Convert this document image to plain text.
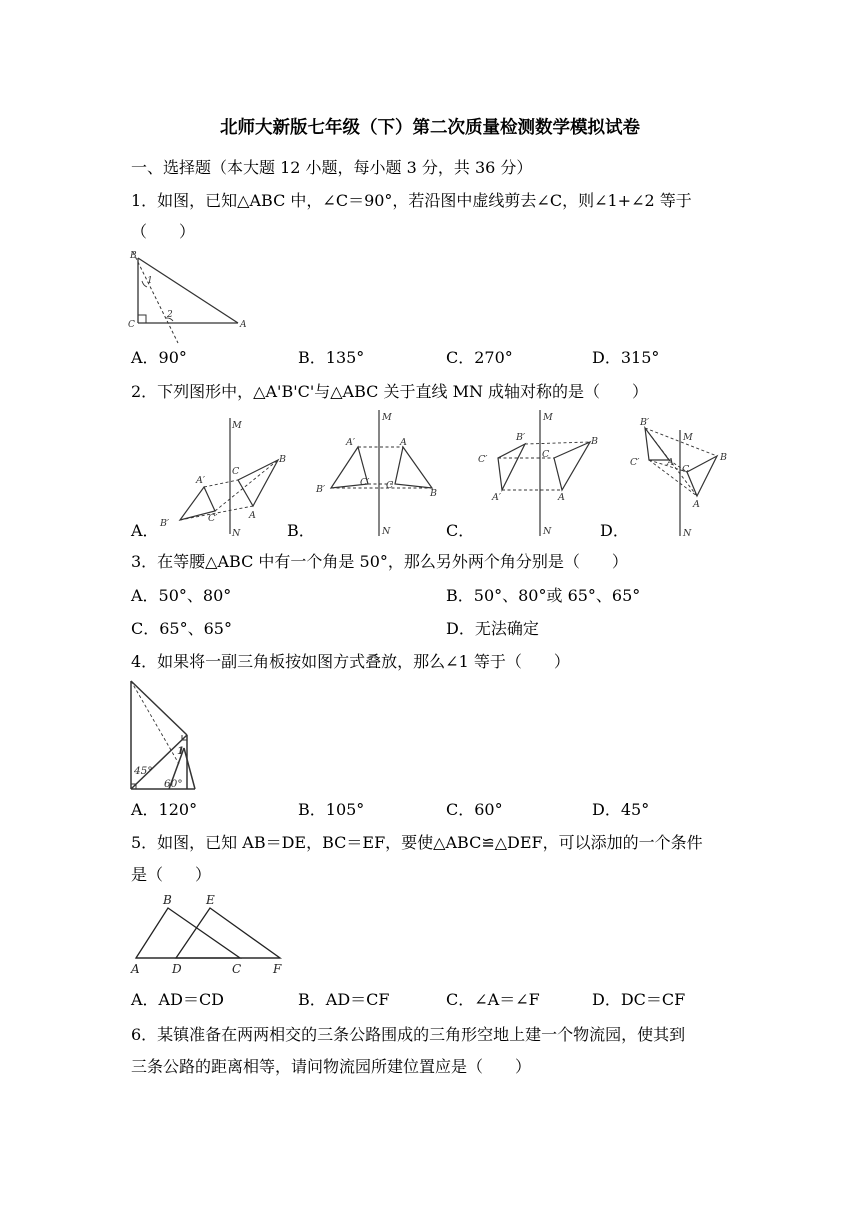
北师大新版七年级（下）第二次质量检测数学模拟试卷
一、选择题（本大题 12 小题，每小题 3 分，共 36 分）
1．如图，已知△ABC 中，∠C＝90°，若沿图中虚线剪去∠C，则∠1+∠2 等于
（　　）
B
C	A
1
2
A．90°	B．135°	C．270°	D．315°
2．下列图形中，△A'B'C'与△ABC 关于直线 MN 成轴对称的是（　　）
M
N
C
B
A
A′
C′
B′
A．
M
N
A′	A
C′ C
B′	B
B．
M
N
B′	B
C′	C
A′	A
C．
M
N
B′
C′	A
C
B
A
D．
3．在等腰△ABC 中有一个角是 50°，那么另外两个角分别是（　　）
A．50°、80°	B．50°、80°或 65°、65°
C．65°、65°	D．无法确定
4．如果将一副三角板按如图方式叠放，那么∠1 等于（　　）
45°
60°
1
A．120°	B．105°	C．60°	D．45°
5．如图，已知 AB＝DE，BC＝EF，要使△ABC≌△DEF，可以添加的一个条件
是（　　）
B	E
A	D	C	F
A．AD＝CD	B．AD＝CF	C．∠A＝∠F	D．DC＝CF
6．某镇准备在两两相交的三条公路围成的三角形空地上建一个物流园，使其到
三条公路的距离相等，请问物流园所建位置应是（　　）
